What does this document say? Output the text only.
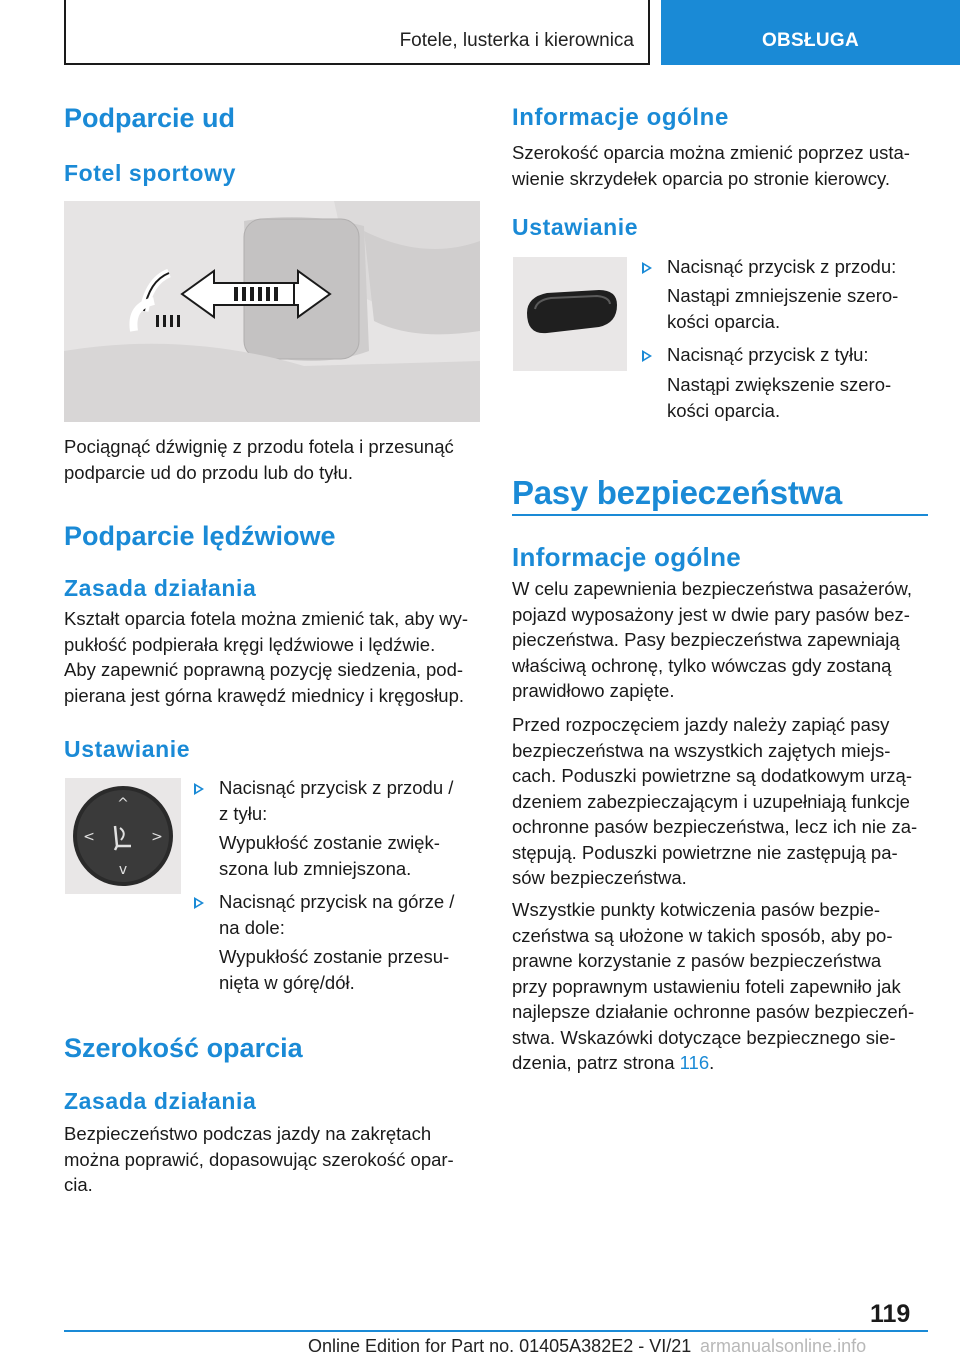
Fotele, lusterka i kierownica	OBSŁUGA
Podparcie ud
Fotel sportowy
Pociągnąć dźwignię z przodu fotela i przesunąć
podparcie ud do przodu lub do tyłu.
Podparcie lędźwiowe
Zasada działania
Kształt oparcia fotela można zmienić tak, aby wy-
pukłość podpierała kręgi lędźwiowe i lędźwie.
Aby zapewnić poprawną pozycję siedzenia, pod-
pierana jest górna krawędź miednicy i kręgosłup.
Ustawianie
^
<	>
v
Nacisnąć przycisk z przodu /
z tyłu:
Wypukłość zostanie zwięk-
szona lub zmniejszona.
Nacisnąć przycisk na górze /
na dole:
Wypukłość zostanie przesu-
nięta w górę/dół.
Szerokość oparcia
Zasada działania
Bezpieczeństwo podczas jazdy na zakrętach
można poprawić, dopasowując szerokość opar-
cia.
Informacje ogólne
Szerokość oparcia można zmienić poprzez usta-
wienie skrzydełek oparcia po stronie kierowcy.
Ustawianie
Nacisnąć przycisk z przodu:
Nastąpi zmniejszenie szero-
kości oparcia.
Nacisnąć przycisk z tyłu:
Nastąpi zwiększenie szero-
kości oparcia.
Pasy bezpieczeństwa
Informacje ogólne
W celu zapewnienia bezpieczeństwa pasażerów,
pojazd wyposażony jest w dwie pary pasów bez-
pieczeństwa. Pasy bezpieczeństwa zapewniają
właściwą ochronę, tylko wówczas gdy zostaną
prawidłowo zapięte.
Przed rozpoczęciem jazdy należy zapiąć pasy
bezpieczeństwa na wszystkich zajętych miejs-
cach. Poduszki powietrzne są dodatkowym urzą-
dzeniem zabezpieczającym i uzupełniają funkcje
ochronne pasów bezpieczeństwa, lecz ich nie za-
stępują. Poduszki powietrzne nie zastępują pa-
sów bezpieczeństwa.
Wszystkie punkty kotwiczenia pasów bezpie-
czeństwa są ułożone w takich sposób, aby po-
prawne korzystanie z pasów bezpieczeństwa
przy poprawnym ustawieniu foteli zapewniło jak
najlepsze działanie ochronne pasów bezpieczeń-
stwa. Wskazówki dotyczące bezpiecznego sie-
dzenia, patrz strona 116.
119
Online Edition for Part no. 01405A382E2 - VI/21 armanualsonline.info
